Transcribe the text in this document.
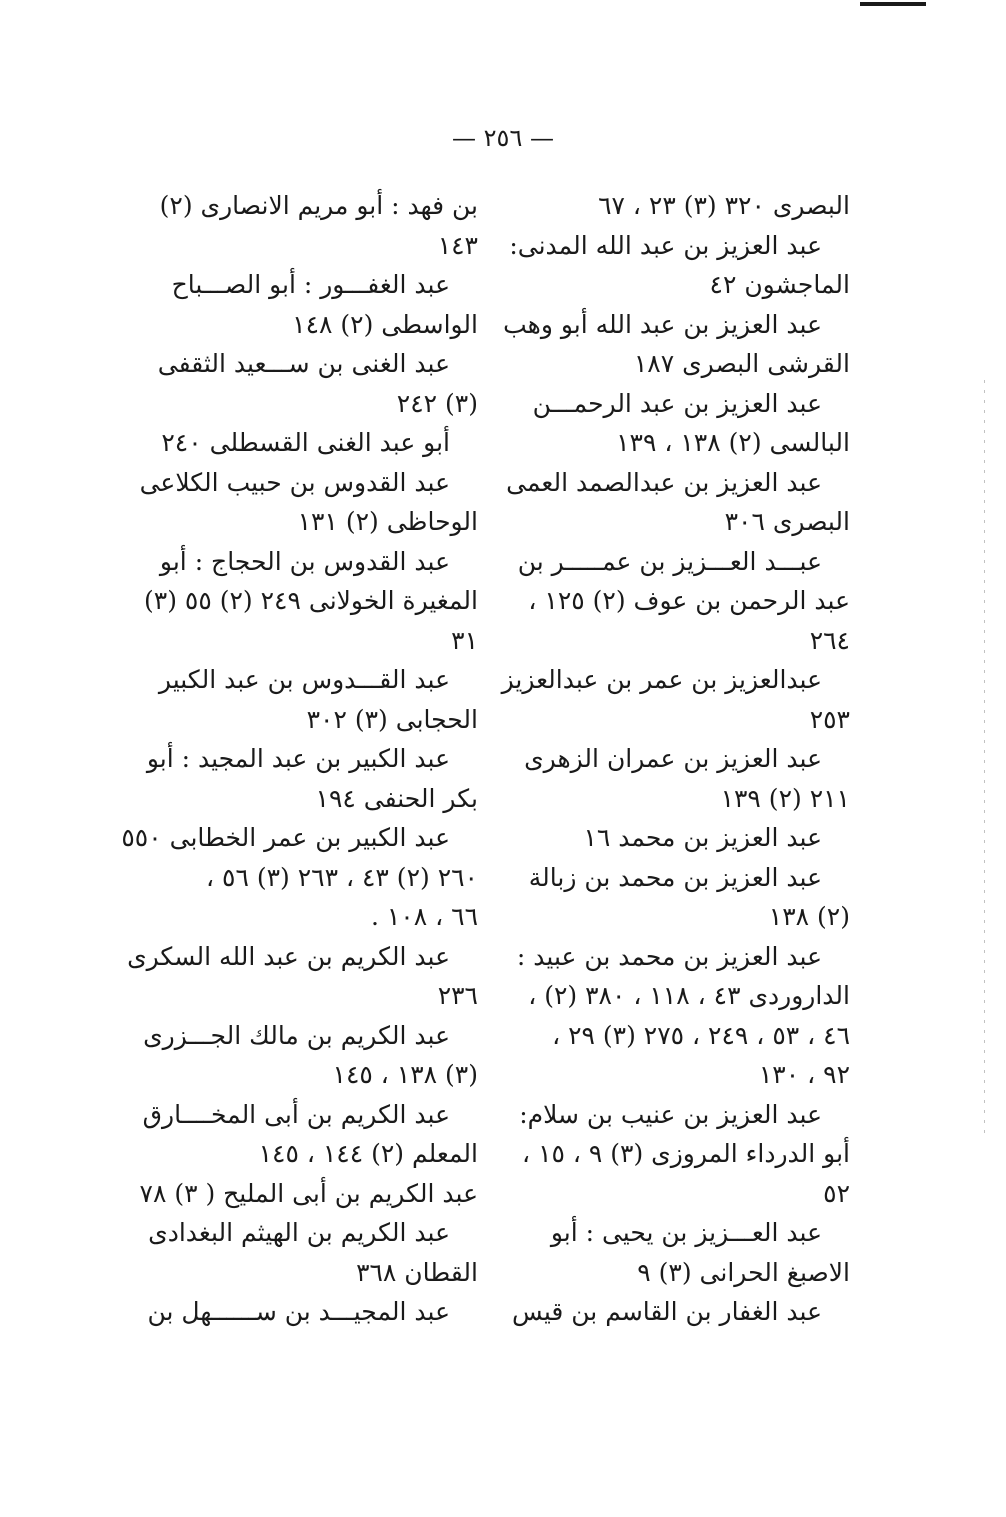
— ٢٥٦ —
البصرى ٣٢٠ (٣) ٢٣ ، ٦٧
عبد العزيز بن عبد الله المدنى:
الماجشون ٤٢
عبد العزيز بن عبد الله أبو وهب
القرشى البصرى ١٨٧
عبد العزيز بن عبد الرحمـــن
البالسى (٢) ١٣٨ ، ١٣٩
عبد العزيز بن عبدالصمد العمى
البصرى ٣٠٦
عبـــد العـــزيز بن عمـــــر بن
عبد الرحمن بن عوف (٢) ١٢٥ ،
٢٦٤
عبدالعزيز بن عمر بن عبدالعزيز
٢٥٣
عبد العزيز بن عمران الزهرى
٢١١ (٢) ١٣٩
عبد العزيز بن محمد ١٦
عبد العزيز بن محمد بن زبالة
(٢) ١٣٨
عبد العزيز بن محمد بن عبيد :
الداروردى ٤٣ ، ١١٨ ، ٣٨٠ (٢) ،
٤٦ ، ٥٣ ، ٢٤٩ ، ٢٧٥ (٣) ٢٩ ،
٩٢ ، ١٣٠
عبد العزيز بن عنيب بن سلام:
أبو الدرداء المروزى (٣) ٩ ، ١٥ ،
٥٢
عبد العـــزيز بن يحيى : أبو
الاصبغ الحرانى (٣) ٩
عبد الغفار بن القاسم بن قيس
بن فهد : أبو مريم الانصارى (٢)
١٤٣
عبد الغفـــور : أبو الصـــباح
الواسطى (٢) ١٤٨
عبد الغنى بن ســـعيد الثقفى
(٣) ٢٤٢
أبو عبد الغنى القسطلى ٢٤٠
عبد القدوس بن حبيب الكلاعى
الوحاظى (٢) ١٣١
عبد القدوس بن الحجاج : أبو
المغيرة الخولانى ٢٤٩ (٢) ٥٥ (٣)
٣١
عبد القـــدوس بن عبد الكبير
الحجابى (٣) ٣٠٢
عبد الكبير بن عبد المجيد : أبو
بكر الحنفى ١٩٤
عبد الكبير بن عمر الخطابى ٥٥٠
٢٦٠ (٢) ٤٣ ، ٢٦٣ (٣) ٥٦ ،
٦٦ ، ١٠٨ .
عبد الكريم بن عبد الله السكرى
٢٣٦
عبد الكريم بن مالك الجـــزرى
(٣) ١٣٨ ، ١٤٥
عبد الكريم بن أبى المخــــارق
المعلم (٢) ١٤٤ ، ١٤٥
عبد الكريم بن أبى المليح ( ٣) ٧٨
عبد الكريم بن الهيثم البغدادى
القطان ٣٦٨
عبد المجيـــد بن ســــــهل بن
